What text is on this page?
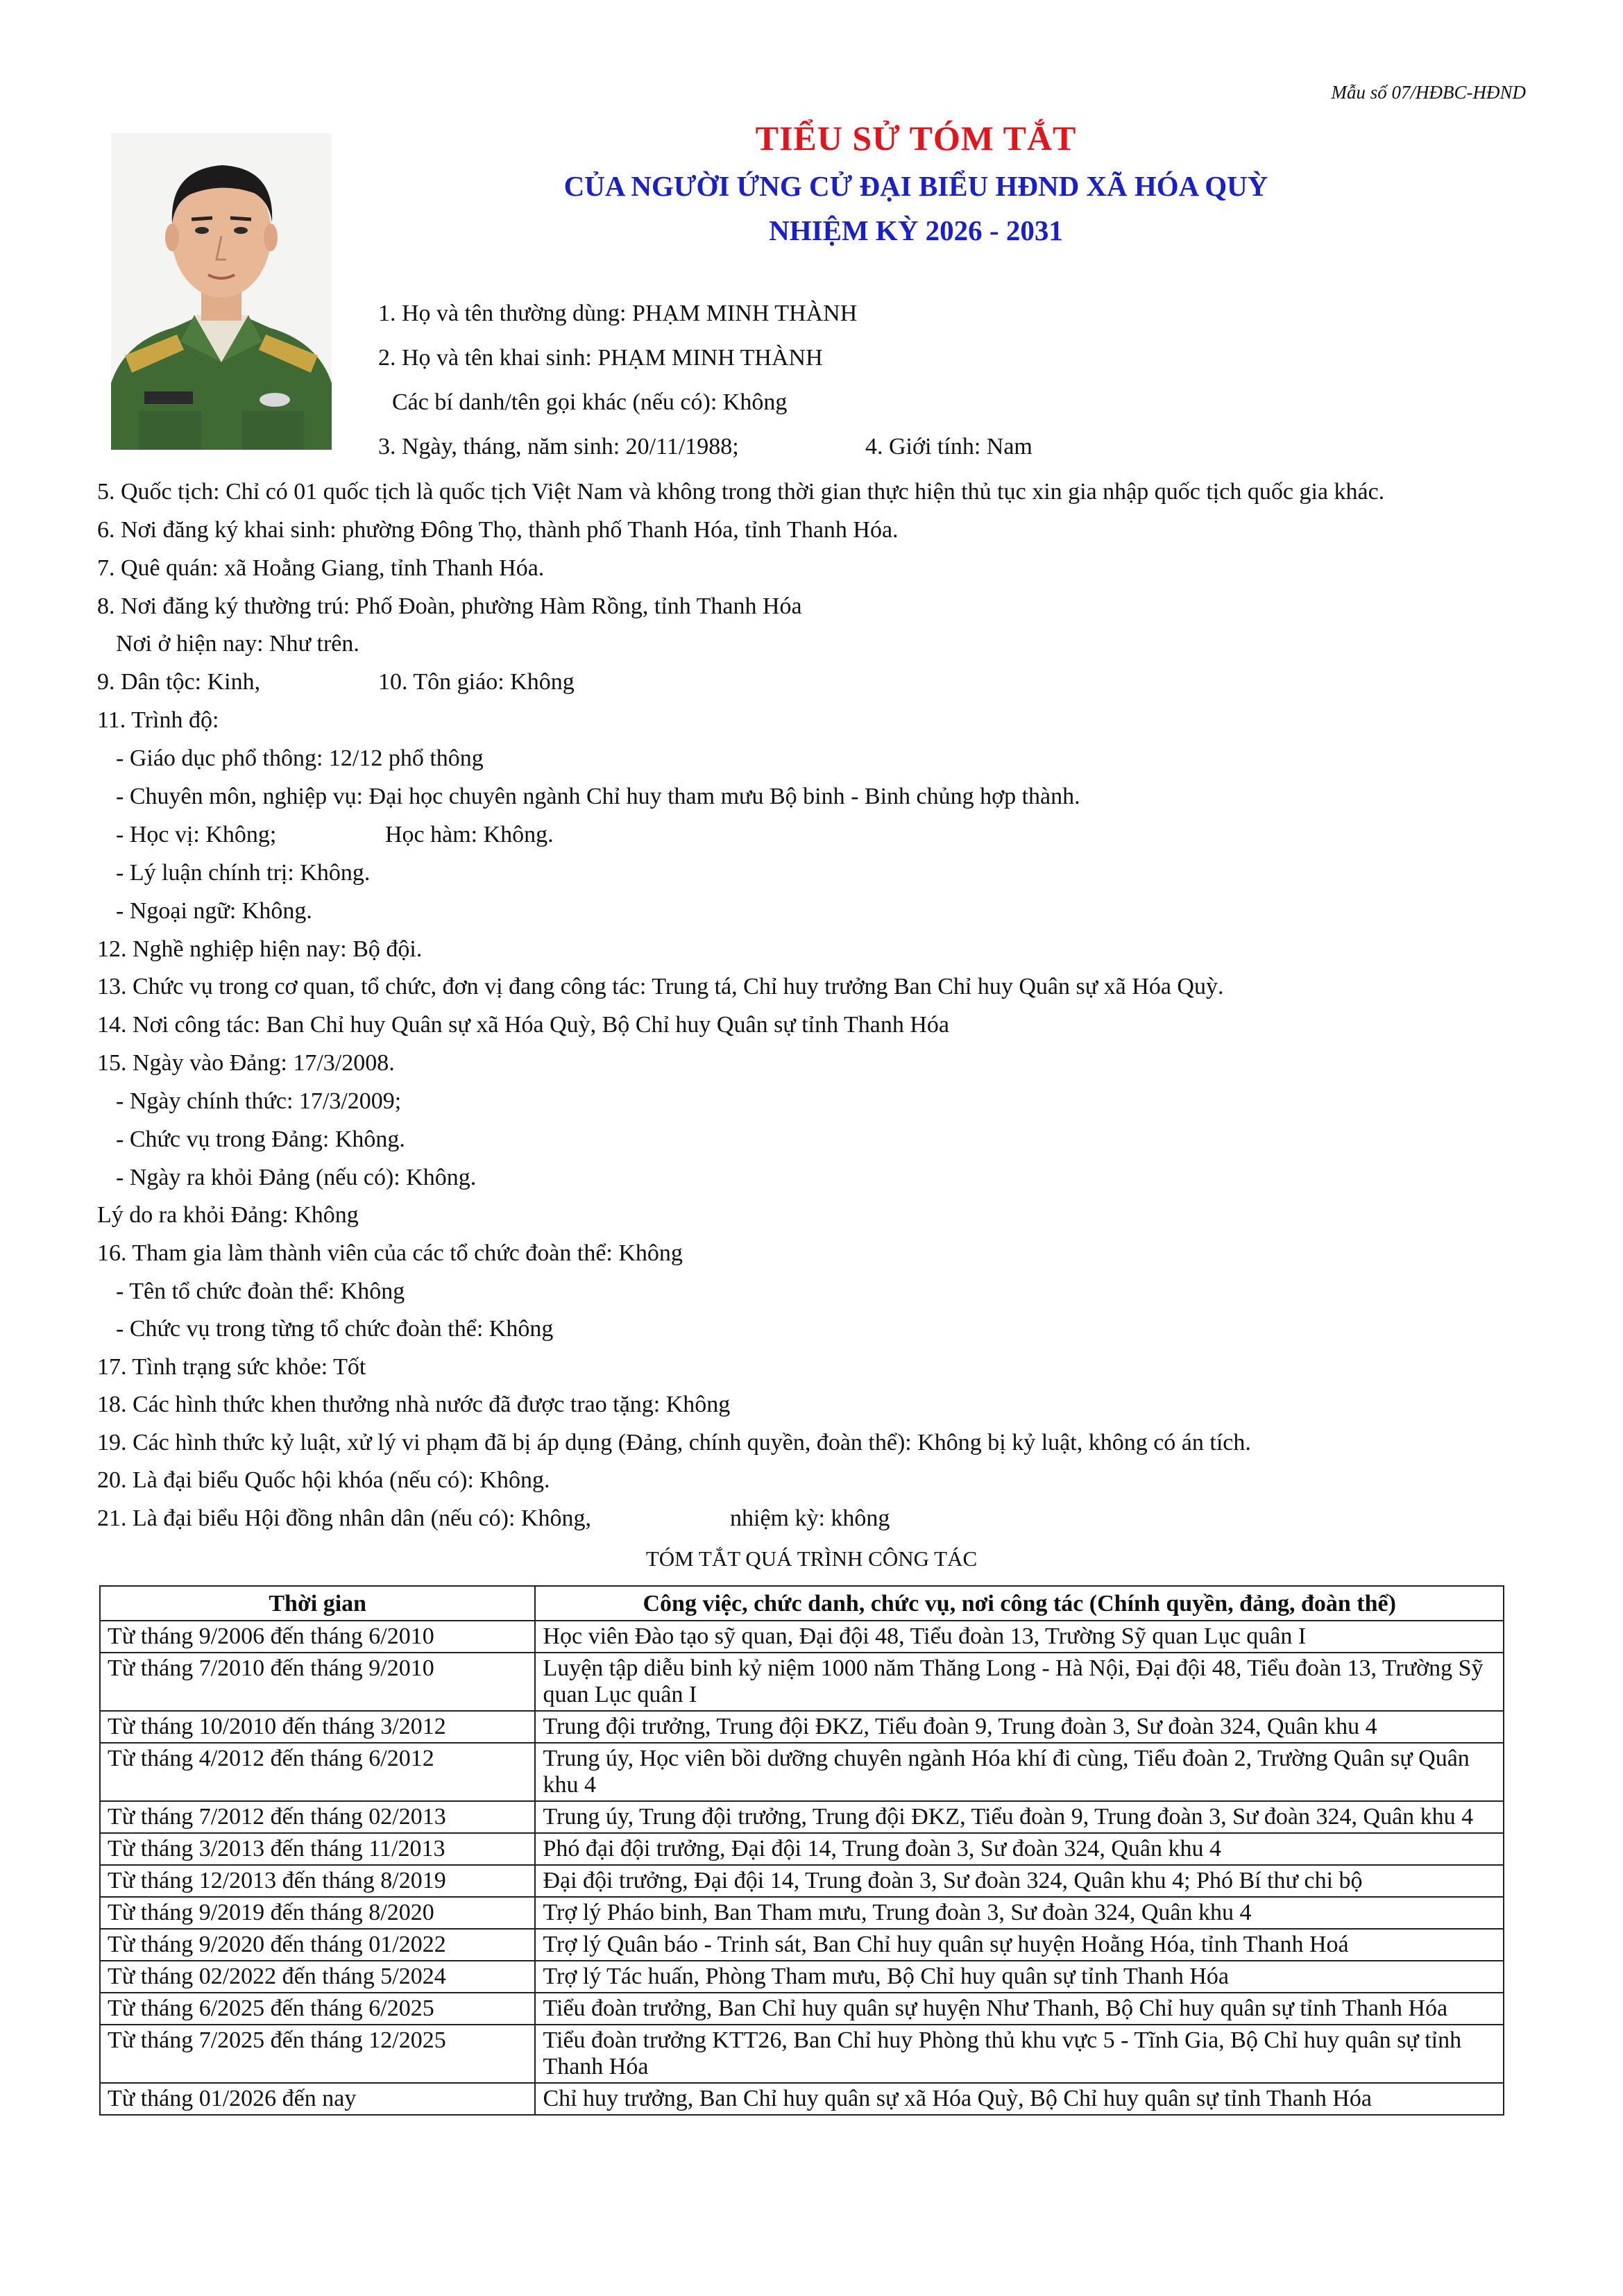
Mẫu số 07/HĐBC-HĐND

TIỂU SỬ TÓM TẮT

CỦA NGƯỜI ỨNG CỬ ĐẠI BIỂU HĐND XÃ HÓA QUỲ

NHIỆM KỲ 2026 - 2031

1. Họ và tên thường dùng: PHẠM MINH THÀNH
2. Họ và tên khai sinh: PHẠM MINH THÀNH
Các bí danh/tên gọi khác (nếu có): Không
3. Ngày, tháng, năm sinh: 20/11/1988;	4. Giới tính: Nam
5. Quốc tịch: Chỉ có 01 quốc tịch là quốc tịch Việt Nam và không trong thời gian thực hiện thủ tục xin gia nhập quốc tịch quốc gia khác.
6. Nơi đăng ký khai sinh: phường Đông Thọ, thành phố Thanh Hóa, tỉnh Thanh Hóa.
7. Quê quán: xã Hoằng Giang, tỉnh Thanh Hóa.
8. Nơi đăng ký thường trú: Phố Đoàn, phường Hàm Rồng, tỉnh Thanh Hóa
Nơi ở hiện nay: Như trên.
9. Dân tộc: Kinh,	10. Tôn giáo: Không
11. Trình độ:
- Giáo dục phổ thông: 12/12 phổ thông
- Chuyên môn, nghiệp vụ: Đại học chuyên ngành Chỉ huy tham mưu Bộ binh - Binh chủng hợp thành.
- Học vị: Không;	Học hàm: Không.
- Lý luận chính trị: Không.
- Ngoại ngữ: Không.
12. Nghề nghiệp hiện nay: Bộ đội.
13. Chức vụ trong cơ quan, tổ chức, đơn vị đang công tác: Trung tá, Chỉ huy trưởng Ban Chỉ huy Quân sự xã Hóa Quỳ.
14. Nơi công tác: Ban Chỉ huy Quân sự xã Hóa Quỳ, Bộ Chỉ huy Quân sự tỉnh Thanh Hóa
15. Ngày vào Đảng: 17/3/2008.
- Ngày chính thức: 17/3/2009;
- Chức vụ trong Đảng: Không.
- Ngày ra khỏi Đảng (nếu có): Không.
Lý do ra khỏi Đảng: Không
16. Tham gia làm thành viên của các tổ chức đoàn thể: Không
- Tên tổ chức đoàn thể: Không
- Chức vụ trong từng tổ chức đoàn thể: Không
17. Tình trạng sức khỏe: Tốt
18. Các hình thức khen thưởng nhà nước đã được trao tặng: Không
19. Các hình thức kỷ luật, xử lý vi phạm đã bị áp dụng (Đảng, chính quyền, đoàn thể): Không bị kỷ luật, không có án tích.
20. Là đại biểu Quốc hội khóa (nếu có): Không.
21. Là đại biểu Hội đồng nhân dân (nếu có): Không,	nhiệm kỳ: không
TÓM TẮT QUÁ TRÌNH CÔNG TÁC
Thời gian	Công việc, chức danh, chức vụ, nơi công tác (Chính quyền, đảng, đoàn thể)
Từ tháng 9/2006 đến tháng 6/2010	Học viên Đào tạo sỹ quan, Đại đội 48, Tiểu đoàn 13, Trường Sỹ quan Lục quân I
Từ tháng 7/2010 đến tháng 9/2010	Luyện tập diễu binh kỷ niệm 1000 năm Thăng Long - Hà Nội, Đại đội 48, Tiểu đoàn 13, Trường Sỹ quan Lục quân I
Từ tháng 10/2010 đến tháng 3/2012	Trung đội trưởng, Trung đội ĐKZ, Tiểu đoàn 9, Trung đoàn 3, Sư đoàn 324, Quân khu 4
Từ tháng 4/2012 đến tháng 6/2012	Trung úy, Học viên bồi dưỡng chuyên ngành Hóa khí đi cùng, Tiểu đoàn 2, Trường Quân sự Quân khu 4
Từ tháng 7/2012 đến tháng 02/2013	Trung úy, Trung đội trưởng, Trung đội ĐKZ, Tiểu đoàn 9, Trung đoàn 3, Sư đoàn 324, Quân khu 4
Từ tháng 3/2013 đến tháng 11/2013	Phó đại đội trưởng, Đại đội 14, Trung đoàn 3, Sư đoàn 324, Quân khu 4
Từ tháng 12/2013 đến tháng 8/2019	Đại đội trưởng, Đại đội 14, Trung đoàn 3, Sư đoàn 324, Quân khu 4; Phó Bí thư chi bộ
Từ tháng 9/2019 đến tháng 8/2020	Trợ lý Pháo binh, Ban Tham mưu, Trung đoàn 3, Sư đoàn 324, Quân khu 4
Từ tháng 9/2020 đến tháng 01/2022	Trợ lý Quân báo - Trinh sát, Ban Chỉ huy quân sự huyện Hoằng Hóa, tỉnh Thanh Hoá
Từ tháng 02/2022 đến tháng 5/2024	Trợ lý Tác huấn, Phòng Tham mưu, Bộ Chỉ huy quân sự tỉnh Thanh Hóa
Từ tháng 6/2025 đến tháng 6/2025	Tiểu đoàn trưởng, Ban Chỉ huy quân sự huyện Như Thanh, Bộ Chỉ huy quân sự tỉnh Thanh Hóa
Từ tháng 7/2025 đến tháng 12/2025	Tiểu đoàn trưởng KTT26, Ban Chỉ huy Phòng thủ khu vực 5 - Tĩnh Gia, Bộ Chỉ huy quân sự tỉnh Thanh Hóa
Từ tháng 01/2026 đến nay	Chỉ huy trưởng, Ban Chỉ huy quân sự xã Hóa Quỳ, Bộ Chỉ huy quân sự tỉnh Thanh Hóa
